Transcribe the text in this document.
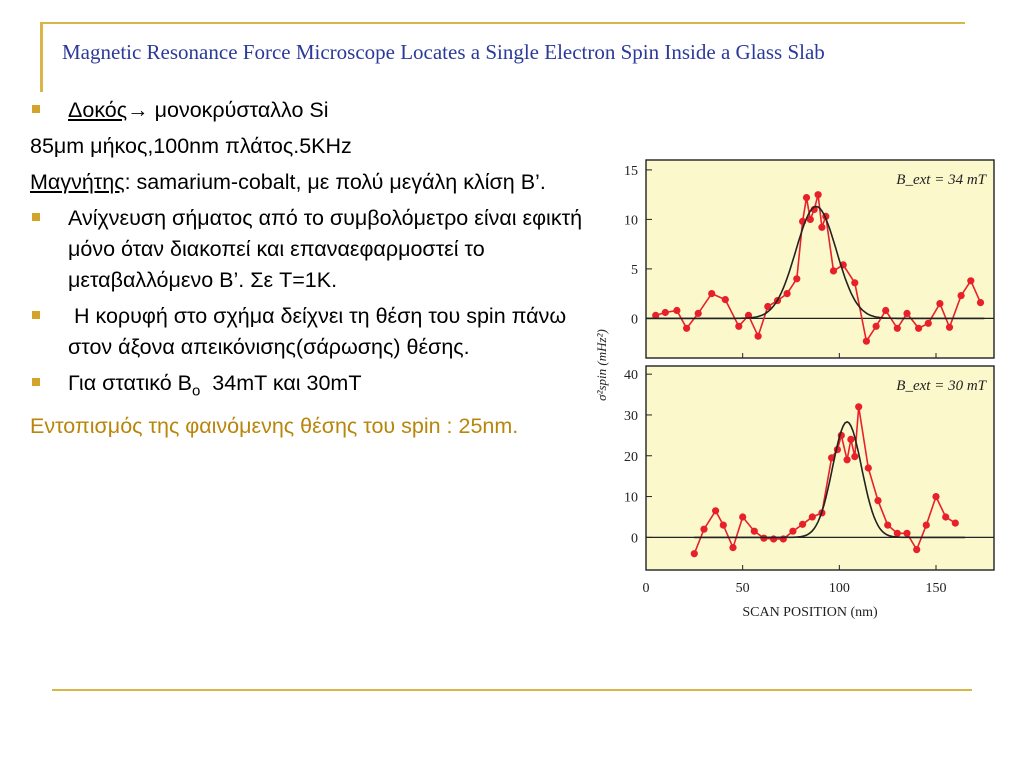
Magnetic Resonance Force Microscope Locates a Single Electron Spin Inside a Glass Slab
Δοκός→ μονοκρύσταλλο Si
85μm μήκος,100nm πλάτος.5KHz
Μαγνήτης: samarium-cobalt, με πολύ μεγάλη κλίση B’.
Ανίχνευση σήματος από το συμβολόμετρο είναι εφικτή μόνο όταν διακοπεί και επαναεφαρμοστεί το μεταβαλλόμενο B’. Σε T=1K.
Η κορυφή στο σχήμα δείχνει τη θέση του spin πάνω στον άξονα απεικόνισης(σάρωσης) θέσης.
Για στατικό $B_o$  34mT και 30mT
Εντοπισμός της φαινόμενης θέσης του spin : 25nm.
0
5
10
15
B_ext = 34 mT
0
10
20
30
40
B_ext = 30 mT
0	50	100	150
SCAN POSITION (nm)
σ²spin (mHz²)
